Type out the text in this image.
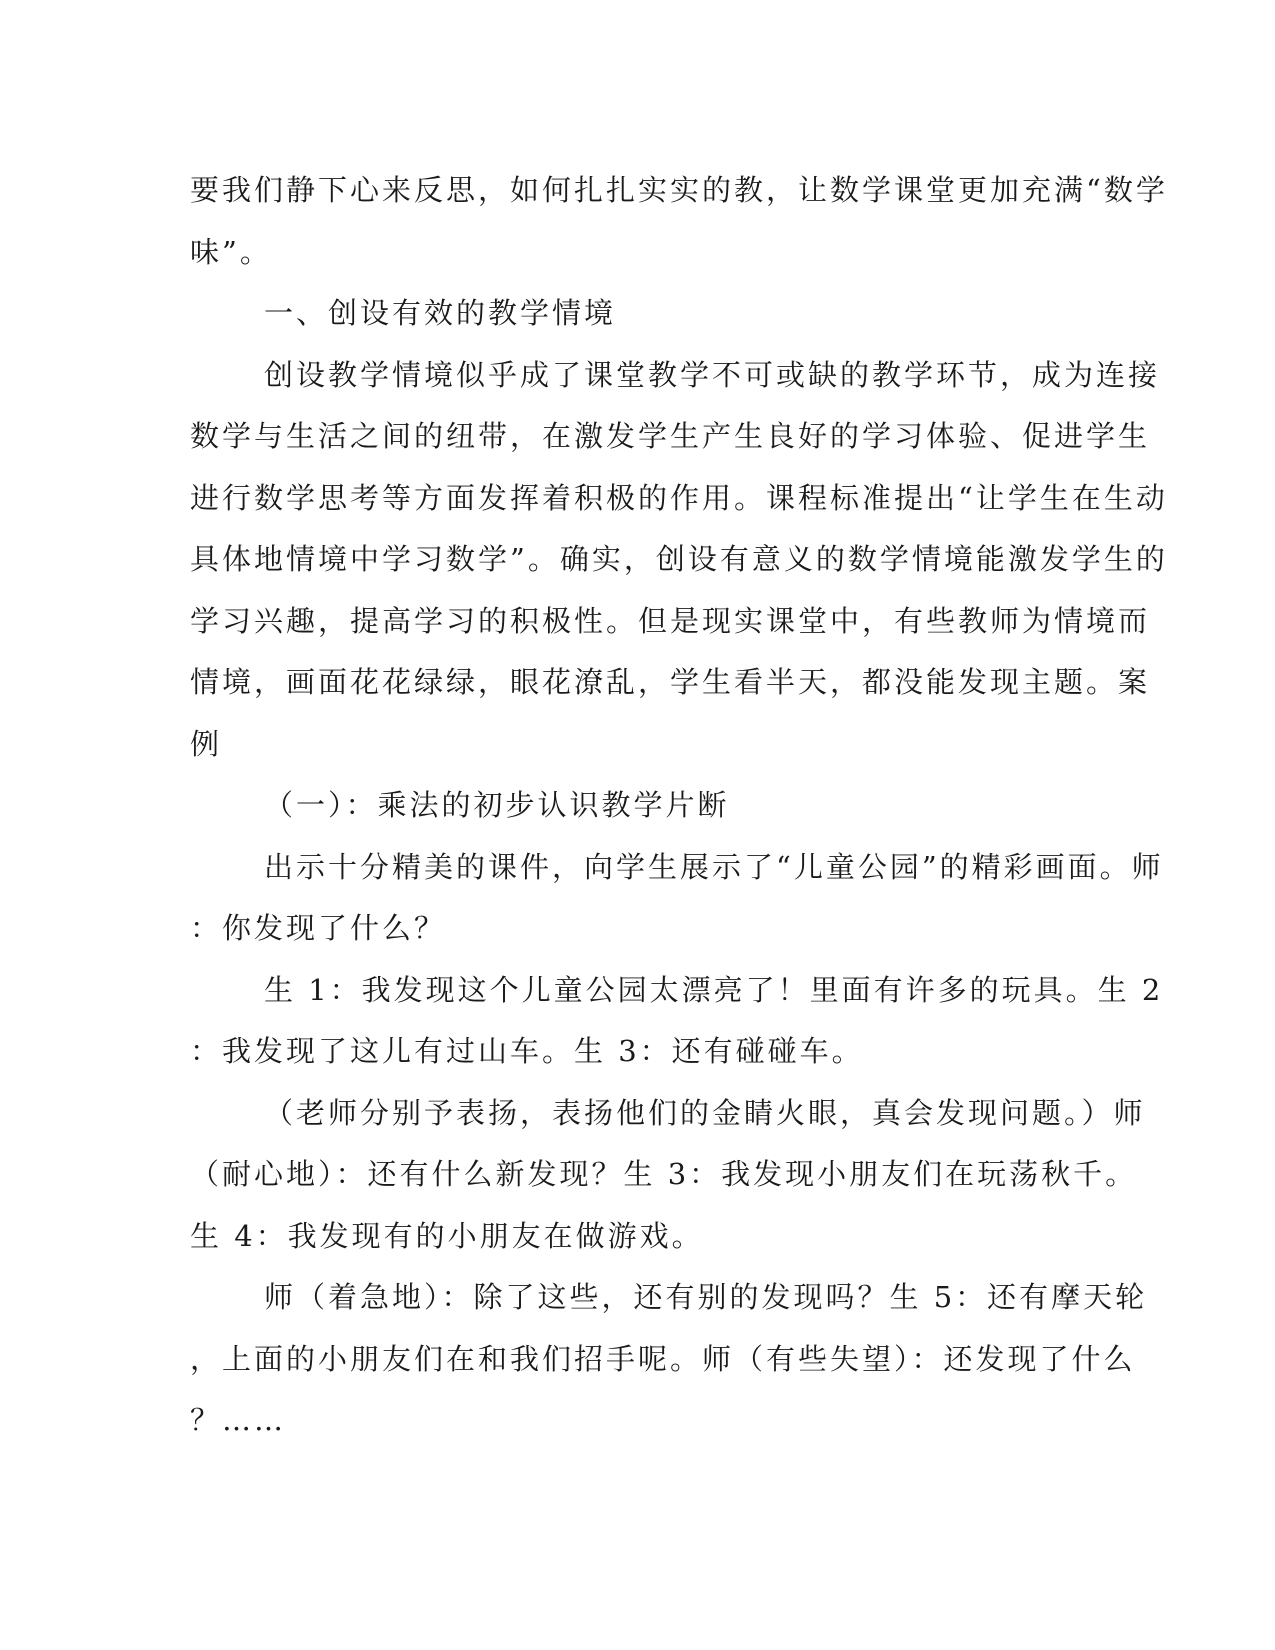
要我们静下心来反思，如何扎扎实实的教，让数学课堂更加充满“数学
味”。
一、创设有效的教学情境
创设教学情境似乎成了课堂教学不可或缺的教学环节，成为连接
数学与生活之间的纽带，在激发学生产生良好的学习体验、促进学生
进行数学思考等方面发挥着积极的作用。课程标准提出“让学生在生动
具体地情境中学习数学”。确实，创设有意义的数学情境能激发学生的
学习兴趣，提高学习的积极性。但是现实课堂中，有些教师为情境而
情境，画面花花绿绿，眼花潦乱，学生看半天，都没能发现主题。案
例
（一）：乘法的初步认识教学片断
出示十分精美的课件，向学生展示了“儿童公园”的精彩画面。师
：你发现了什么？
生 1：我发现这个儿童公园太漂亮了！里面有许多的玩具。生 2
：我发现了这儿有过山车。生 3：还有碰碰车。
（老师分别予表扬，表扬他们的金睛火眼，真会发现问题。）师
（耐心地）：还有什么新发现？生 3：我发现小朋友们在玩荡秋千。
生 4：我发现有的小朋友在做游戏。
师（着急地）：除了这些，还有别的发现吗？生 5：还有摩天轮
，上面的小朋友们在和我们招手呢。师（有些失望）：还发现了什么
？……
